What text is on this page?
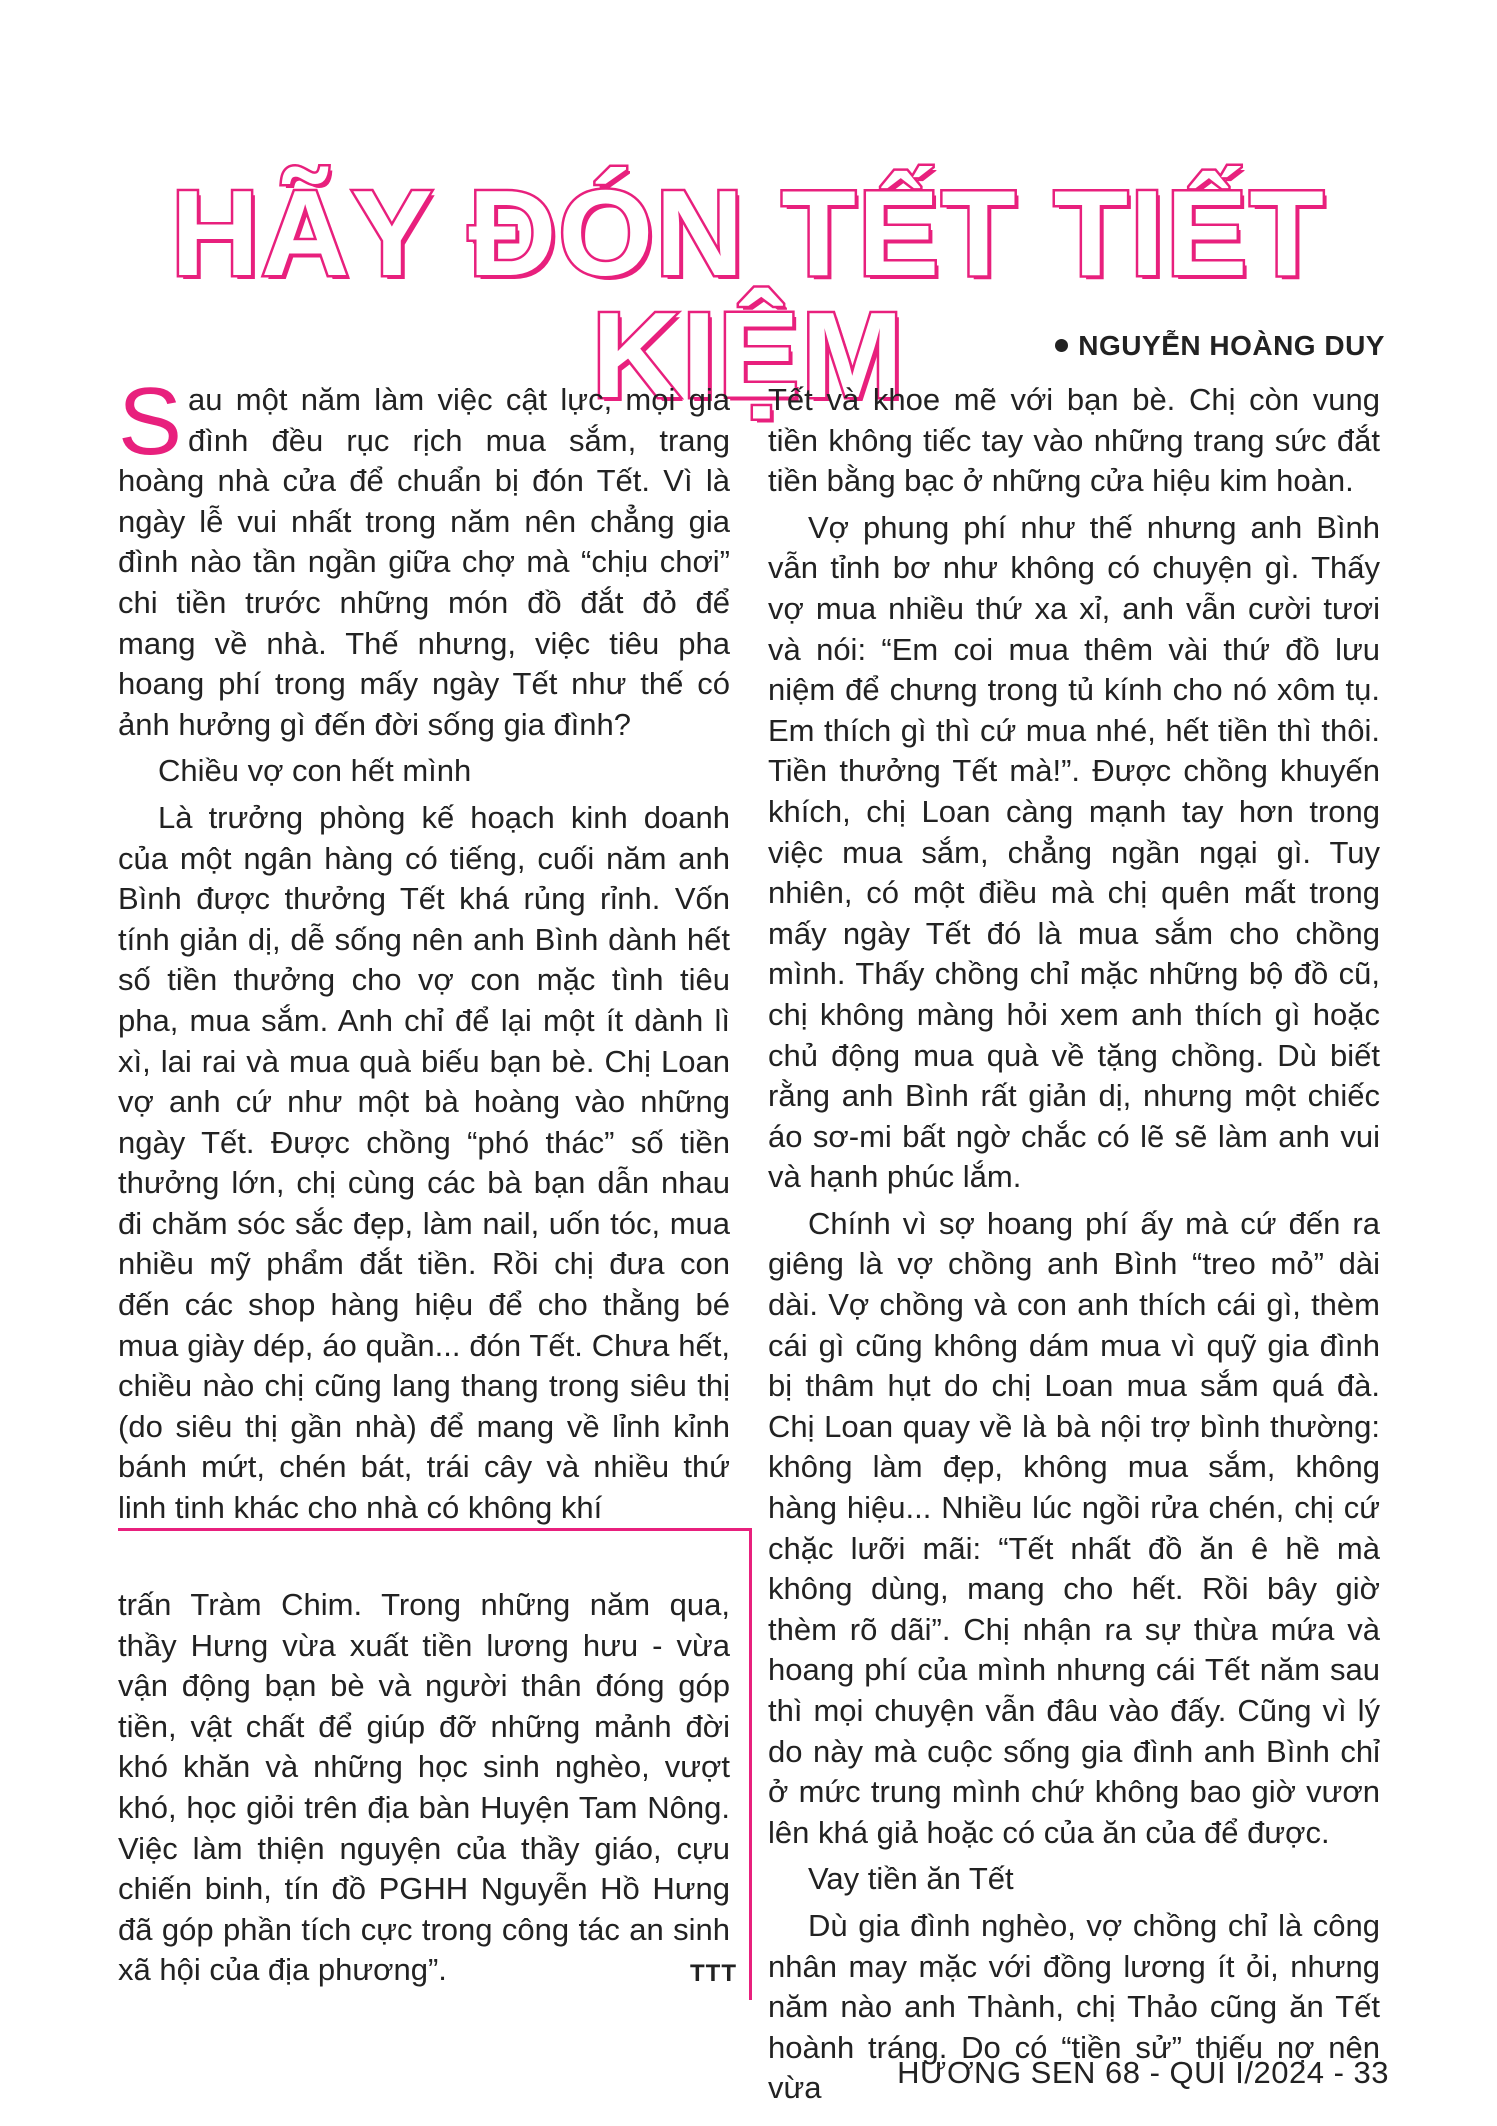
HÃY ĐÓN TẾT TIẾT KIỆM	NGUYỄN HOÀNG DUY

Sau một năm làm việc cật lực, mọi gia đình đều rục rịch mua sắm, trang hoàng nhà cửa để chuẩn bị đón Tết. Vì là ngày lễ vui nhất trong năm nên chẳng gia đình nào tần ngần giữa chợ mà “chịu chơi” chi tiền trước những món đồ đắt đỏ để mang về nhà. Thế nhưng, việc tiêu pha hoang phí trong mấy ngày Tết như thế có ảnh hưởng gì đến đời sống gia đình?

Chiều vợ con hết mình

Là trưởng phòng kế hoạch kinh doanh của một ngân hàng có tiếng, cuối năm anh Bình được thưởng Tết khá rủng rỉnh. Vốn tính giản dị, dễ sống nên anh Bình dành hết số tiền thưởng cho vợ con mặc tình tiêu pha, mua sắm. Anh chỉ để lại một ít dành lì xì, lai rai và mua quà biếu bạn bè. Chị Loan vợ anh cứ như một bà hoàng vào những ngày Tết. Được chồng “phó thác” số tiền thưởng lớn, chị cùng các bà bạn dẫn nhau đi chăm sóc sắc đẹp, làm nail, uốn tóc, mua nhiều mỹ phẩm đắt tiền. Rồi chị đưa con đến các shop hàng hiệu để cho thằng bé mua giày dép, áo quần... đón Tết. Chưa hết, chiều nào chị cũng lang thang trong siêu thị (do siêu thị gần nhà) để mang về lỉnh kỉnh bánh mứt, chén bát, trái cây và nhiều thứ linh tinh khác cho nhà có không khí

trấn Tràm Chim. Trong những năm qua, thầy Hưng vừa xuất tiền lương hưu - vừa vận động bạn bè và người thân đóng góp tiền, vật chất để giúp đỡ những mảnh đời khó khăn và những học sinh nghèo, vượt khó, học giỏi trên địa bàn Huyện Tam Nông. Việc làm thiện nguyện của thầy giáo, cựu chiến binh, tín đồ PGHH Nguyễn Hồ Hưng đã góp phần tích cực trong công tác an sinh xã hội của địa phương”.	TTT

Tết và khoe mẽ với bạn bè. Chị còn vung tiền không tiếc tay vào những trang sức đắt tiền bằng bạc ở những cửa hiệu kim hoàn.

Vợ phung phí như thế nhưng anh Bình vẫn tỉnh bơ như không có chuyện gì. Thấy vợ mua nhiều thứ xa xỉ, anh vẫn cười tươi và nói: “Em coi mua thêm vài thứ đồ lưu niệm để chưng trong tủ kính cho nó xôm tụ. Em thích gì thì cứ mua nhé, hết tiền thì thôi. Tiền thưởng Tết mà!”. Được chồng khuyến khích, chị Loan càng mạnh tay hơn trong việc mua sắm, chẳng ngần ngại gì. Tuy nhiên, có một điều mà chị quên mất trong mấy ngày Tết đó là mua sắm cho chồng mình. Thấy chồng chỉ mặc những bộ đồ cũ, chị không màng hỏi xem anh thích gì hoặc chủ động mua quà về tặng chồng. Dù biết rằng anh Bình rất giản dị, nhưng một chiếc áo sơ-mi bất ngờ chắc có lẽ sẽ làm anh vui và hạnh phúc lắm.

Chính vì sợ hoang phí ấy mà cứ đến ra giêng là vợ chồng anh Bình “treo mỏ” dài dài. Vợ chồng và con anh thích cái gì, thèm cái gì cũng không dám mua vì quỹ gia đình bị thâm hụt do chị Loan mua sắm quá đà. Chị Loan quay về là bà nội trợ bình thường: không làm đẹp, không mua sắm, không hàng hiệu... Nhiều lúc ngồi rửa chén, chị cứ chặc lưỡi mãi: “Tết nhất đồ ăn ê hề mà không dùng, mang cho hết. Rồi bây giờ thèm rõ dãi”. Chị nhận ra sự thừa mứa và hoang phí của mình nhưng cái Tết năm sau thì mọi chuyện vẫn đâu vào đấy. Cũng vì lý do này mà cuộc sống gia đình anh Bình chỉ ở mức trung mình chứ không bao giờ vươn lên khá giả hoặc có của ăn của để được.

Vay tiền ăn Tết

Dù gia đình nghèo, vợ chồng chỉ là công nhân may mặc với đồng lương ít ỏi, nhưng năm nào anh Thành, chị Thảo cũng ăn Tết hoành tráng. Do có “tiền sử” thiếu nợ nên vừa	HƯƠNG SEN 68 - QUÍ I/2024 - 33
